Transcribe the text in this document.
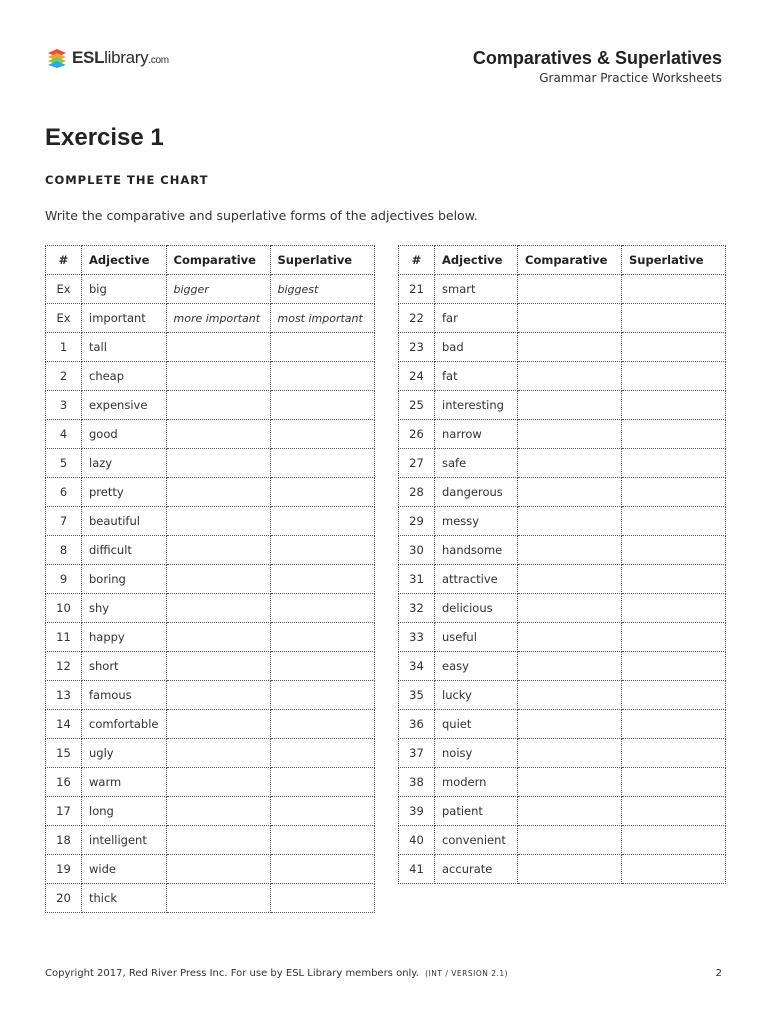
ESLlibrary.com	Comparatives & Superlatives
Grammar Practice Worksheets
Exercise 1
COMPLETE THE CHART
Write the comparative and superlative forms of the adjectives below.
#	Adjective	Comparative	Superlative
Ex	big	bigger	biggest
Ex	important	more important	most important
1	tall		
2	cheap		
3	expensive		
4	good		
5	lazy		
6	pretty		
7	beautiful		
8	difficult		
9	boring		
10	shy		
11	happy		
12	short		
13	famous		
14	comfortable		
15	ugly		
16	warm		
17	long		
18	intelligent		
19	wide		
20	thick		
#	Adjective	Comparative	Superlative
21	smart		
22	far		
23	bad		
24	fat		
25	interesting		
26	narrow		
27	safe		
28	dangerous		
29	messy		
30	handsome		
31	attractive		
32	delicious		
33	useful		
34	easy		
35	lucky		
36	quiet		
37	noisy		
38	modern		
39	patient		
40	convenient		
41	accurate		
Copyright 2017, Red River Press Inc. For use by ESL Library members only. (INT / VERSION 2.1)	2
